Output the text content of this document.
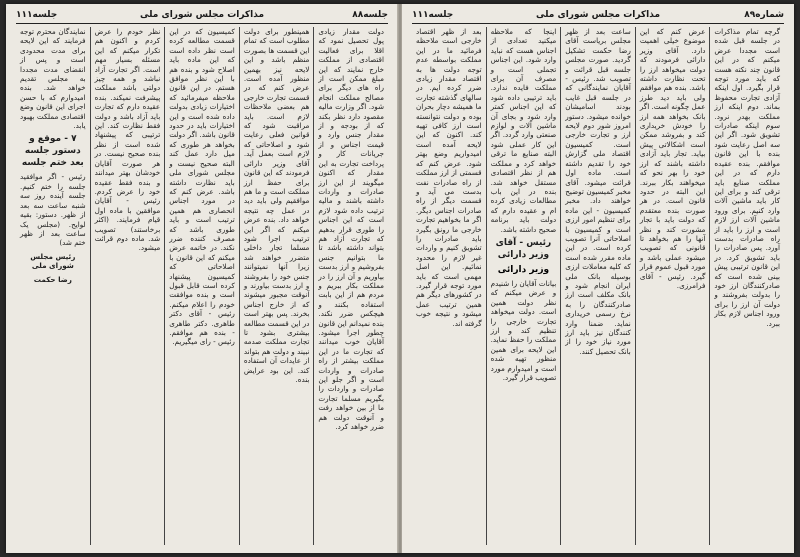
جلسه۸۸
مذاکرات مجلس شورای ملی
جلسه۱۱۱

دولت مقدار زیادی پول تحصیل نمود که اقلا برای فعالیت اقتصادی از مملکت خارج نمایند که این مبلغ ممکن است از راه های دیگر برای مصالح مملکت انجام شود. اگر وزارت مالیه مقصود دارد نظر بکند که از بودجه و از مقدار جنس وارد و قیمت اجناس و از جریانات کار و پرداخت تجارت به این مقدار که اکنون میگویند از این ارز صادرات و واردات داشته باشند و مالیه ترتیب داده شود لازم است که این اجناس را طوری قرار بدهیم که تجارت آزاد هم بتواند داشته باشد تا ما بتوانیم جنس بفروشیم و ارز بدست بیاوریم و آن ارز را در مملکت بکار ببریم و مردم هم از این بابت استفاده بکنند و هیچکس ضرر نکند. بنده نمیدانم این قانون چطور اجرا میشود. آقایان خوب میدانند که تجارت ما در این مملکت بیشتر از راه صادرات و واردات است و اگر جلو این صادرات و واردات را بگیریم مسلما تجارت ما از بین خواهد رفت و آنوقت دولت هم ضرر خواهد کرد.

همینطور برای دولت مطلوب است که تمام این قسمت ها بصورت منظم باشد و این لایحه نیز بهمین منظور آمده است. عرض کنم که در قسمت تجارت خارجی هم بعضی ملاحظات لازم است. باید مراقبت شود که قوانین فعلی رعایت شود و اصلاحاتی که لازم است بعمل آید. آقای وزیر دارائی فرمودند که این قانون برای حفظ ارز مملکت است و ما هم موافقیم ولی باید دید در عمل چه نتیجه خواهد داد. بنده عرض میکنم که اگر این ترتیب اجرا شود مسلما تجار داخلی متضرر خواهند شد زیرا آنها نمیتوانند جنس خود را بفروشند و ارز بدست بیاورند و آنوقت مجبور میشوند که از خارج اجناس بخرند. پس بهتر است در این قسمت مطالعه بیشتری بشود تا تجارت مملکت صدمه نبیند و دولت هم بتواند از عایدات آن استفاده کند. این بود عرایض بنده.

کمیسیون که در این قسمت مطالعه کرده است نظر داده است که این ماده باید اصلاح شود و بنده هم با این نظر موافق هستم. در این قانون ملاحظه میفرمائید که اختیارات زیادی بدولت داده شده است و این اختیارات باید در حدود قانون باشد. اگر دولت بخواهد هر طوری که میل دارد عمل کند البته صحیح نیست و مجلس شورای ملی باید نظارت داشته باشد. عرض کنم که در مورد اجناس انحصاری هم همین ترتیب است و باید طوری باشد که مصرف کننده ضرر نکند. در خاتمه عرض میکنم که این قانون با اصلاحاتی که کمیسیون پیشنهاد کرده است قابل قبول است و بنده موافقت خودم را اعلام میکنم. رئیس - آقای دکتر طاهری. دکتر طاهری - بنده هم موافقم. رئیس - رای میگیریم.

نظر خودم را عرض کردم و اکنون هم تکرار میکنم که این مسئله بسیار مهم است. اگر تجارت آزاد نباشد و همه چیز دولتی باشد مملکت پیشرفت نمیکند. بنده عقیده دارم که تجارت باید آزاد باشد و دولت فقط نظارت کند. این ترتیبی که پیشنهاد شده است از نظر بنده صحیح نیست. در هر صورت آقایان خودشان بهتر میدانند و بنده فقط عقیده خود را عرض کردم. رئیس - آقایان موافقین با ماده اول قیام فرمایند. (اکثر برخاستند) تصویب شد. ماده دوم قرائت میشود.

نمایندگان محترم توجه فرمایند که این لایحه برای مدت محدودی است و پس از انقضای مدت مجددا به مجلس تقدیم خواهد شد. بنده امیدوارم که با حسن اجرای این قانون وضع اقتصادی مملکت بهبود یابد.

۷ - موقع و دستور جلسه بعد ختم جلسه

رئیس - اگر موافقید جلسه را ختم کنیم. جلسه آینده روز سه شنبه ساعت سه بعد از ظهر. دستور: بقیه لوایح. (مجلس یک ساعت بعد از ظهر ختم شد)

رئیس مجلس شورای ملی
رضا حکمت
شماره۸۹
مذاکرات مجلس شورای ملی
جلسه۱۱۱

گرچه تمام مذاکرات در جلسه قبل شده است مجددا عرض میکنم که در این قانون چند نکته هست که باید مورد توجه قرار بگیرد. اول اینکه آزادی تجارت محفوظ بماند. دوم اینکه ارز مملکت بهدر نرود. سوم اینکه صادرات تشویق شود. اگر این سه اصل رعایت شود بنده با این قانون موافقم. بنده عقیده دارم که در این مملکت صنایع باید ترقی کند و برای این کار باید ماشین آلات وارد کنیم. برای ورود ماشین آلات ارز لازم است و ارز را باید از راه صادرات بدست آورد. پس صادرات را باید تشویق کرد. در این قانون ترتیبی پیش بینی شده است که صادرکنندگان ارز خود را بدولت بفروشند و دولت آن ارز را برای ورود اجناس لازم بکار ببرد.

عرض کنم که این موضوع خیلی اهمیت دارد. آقای وزیر دارائی فرمودند که دولت میخواهد ارز را تحت نظارت داشته باشد. بنده هم موافقم ولی باید دید طرز عمل چگونه است. اگر بانک بخواهد همه ارز را خودش خریداری کند و بفروشد ممکن است اشکالاتی پیش بیاید. تجار باید آزادی داشته باشند که ارز خود را بهر نحو که میخواهند بکار ببرند. این البته در حدود قانون است. در هر صورت بنده معتقدم که دولت باید با تجار مشورت کند و نظر آنها را هم بخواهد تا قانونی که تصویب میشود عملی باشد و مورد قبول عموم قرار گیرد. رئیس - آقای فرامرزی.

ساعت بعد از ظهر مجلس بریاست آقای رضا حکمت تشکیل گردید. صورت مجلس جلسه قبل قرائت و تصویب شد. رئیس - آقایان نمایندگانی که در جلسه قبل غایب بودند اسامیشان خوانده میشود. دستور امروز شور دوم لایحه ارز و تجارت خارجی است. کمیسیون اقتصاد ملی گزارش خود را تقدیم داشته است. ماده اول قرائت میشود. آقای مخبر کمیسیون توضیح خواهند داد. مخبر کمیسیون - این ماده برای تنظیم امور ارزی است و کمیسیون با اصلاحاتی آنرا تصویب کرده است. در این ماده مقرر شده است که کلیه معاملات ارزی بوسیله بانک ملی ایران انجام شود و بانک مکلف است ارز صادرکنندگان را به نرخ رسمی خریداری نماید. ضمنا وارد کنندگان نیز باید ارز مورد نیاز خود را از بانک تحصیل کنند.

اینجا که ملاحظه میکنید تعدادی از اجناس هست که نباید وارد شود. این اجناس تجملی است و مصرف آن برای مملکت فایده ندارد. باید ترتیبی داده شود که این اجناس کمتر وارد شود و بجای آن ماشین آلات و لوازم صنعتی وارد گردد. اگر این کار عملی شود البته صنایع ما ترقی خواهد کرد و مملکت هم از نظر اقتصادی مستقل خواهد شد. بنده در این باب مطالعات زیادی کرده ام و عقیده دارم که دولت باید برنامه صحیح داشته باشد.

رئیس - آقای وزیر دارائی
وزیر دارائی

بیانات آقایان را شنیدم و عرض میکنم که نظر دولت همین است. دولت میخواهد تجارت خارجی را تنظیم کند و ارز مملکت را حفظ نماید. این لایحه برای همین منظور تهیه شده است و امیدوارم مورد تصویب قرار گیرد.

بعد از ظهر اقتصاد خارجی است ملاحظه فرمائید ما در این مملکت بواسطه عدم توجه دولت ها به اقتصاد مقدار زیادی ضرر کرده ایم. در سالهای گذشته تجارت ما همیشه دچار بحران بوده و دولت نتوانسته است ارز کافی تهیه کند. اکنون که این لایحه آمده است امیدواریم وضع بهتر شود. عرض کنم که قسمتی از ارز مملکت از راه صادرات نفت بدست می آید و قسمت دیگر از راه صادرات اجناس دیگر. اگر ما بخواهیم تجارت خارجی ما رونق بگیرد باید صادرات را تشویق کنیم و واردات غیر لازم را محدود نمائیم. این اصل مهمی است که باید مورد توجه قرار گیرد. در کشورهای دیگر هم همین ترتیب عمل میشود و نتیجه خوب گرفته اند.
